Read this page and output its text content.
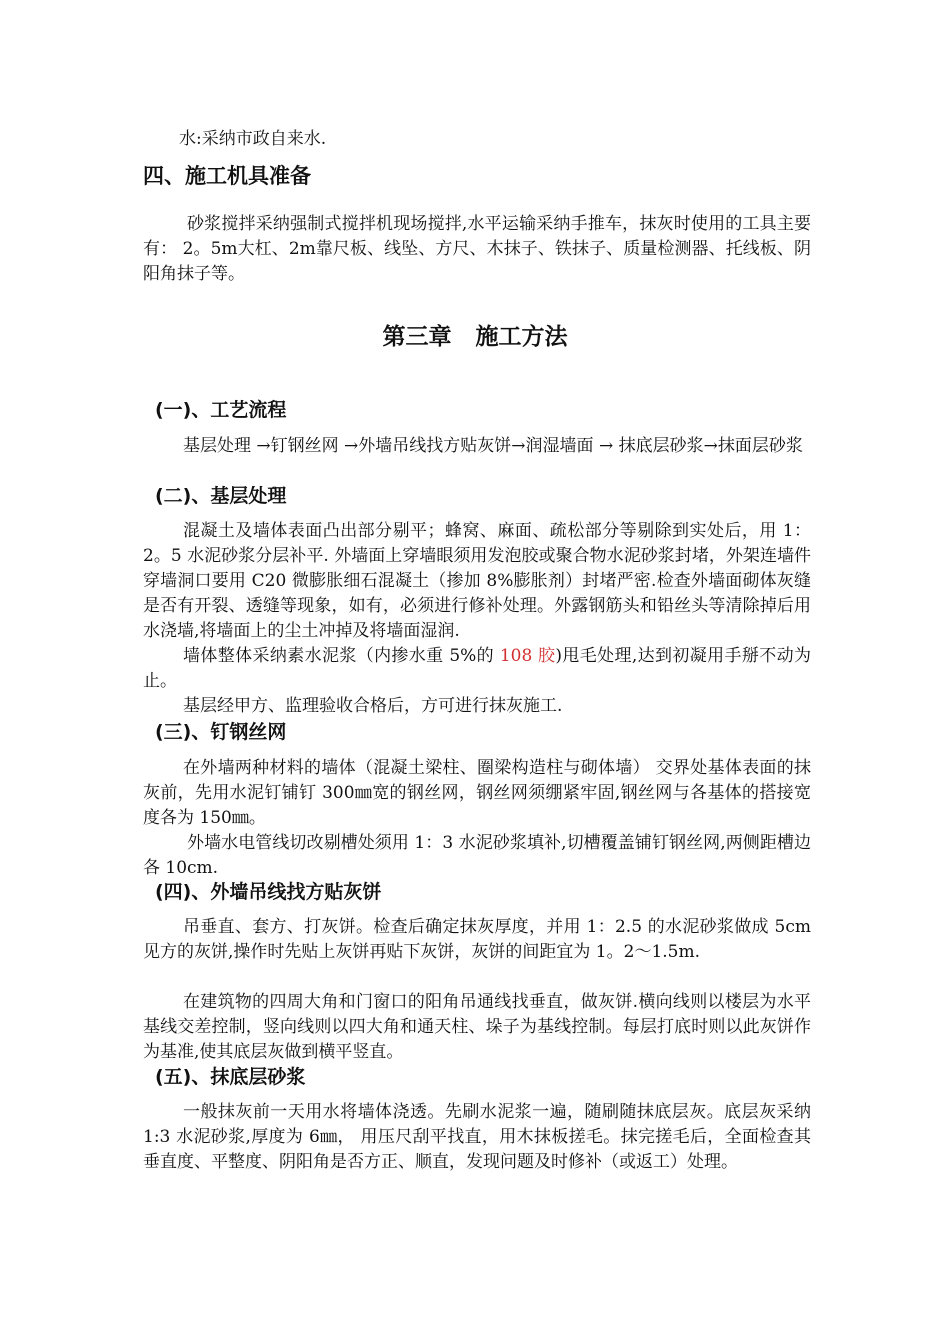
水:采纳市政自来水.

四、施工机具准备

砂浆搅拌采纳强制式搅拌机现场搅拌,水平运输采纳手推车，抹灰时使用的工具主要有： 2。5m大杠、2m靠尺板、线坠、方尺、木抹子、铁抹子、质量检测器、托线板、阴阳角抹子等。

第三章 施工方法
(一)、工艺流程

基层处理 →钉钢丝网 →外墙吊线找方贴灰饼→润湿墙面 → 抹底层砂浆→抹面层砂浆

(二)、基层处理

混凝土及墙体表面凸出部分剔平；蜂窝、麻面、疏松部分等剔除到实处后，用 1：2。5 水泥砂浆分层补平. 外墙面上穿墙眼须用发泡胶或聚合物水泥砂浆封堵，外架连墙件穿墙洞口要用 C20 微膨胀细石混凝土（掺加 8%膨胀剂）封堵严密.检查外墙面砌体灰缝是否有开裂、透缝等现象，如有，必须进行修补处理。外露钢筋头和铅丝头等清除掉后用水浇墙,将墙面上的尘土冲掉及将墙面湿润.

墙体整体采纳素水泥浆（内掺水重 5%的 108 胶)甩毛处理,达到初凝用手掰不动为止。

基层经甲方、监理验收合格后，方可进行抹灰施工.

(三)、钉钢丝网

在外墙两种材料的墙体（混凝土梁柱、圈梁构造柱与砌体墙） 交界处基体表面的抹灰前，先用水泥钉铺钉 300㎜宽的钢丝网，钢丝网须绷紧牢固,钢丝网与各基体的搭接宽度各为 150㎜。

外墙水电管线切改剔槽处须用 1：3 水泥砂浆填补,切槽覆盖铺钉钢丝网,两侧距槽边各 10cm.

(四)、外墙吊线找方贴灰饼

吊垂直、套方、打灰饼。检查后确定抹灰厚度，并用 1：2.5 的水泥砂浆做成 5cm 见方的灰饼,操作时先贴上灰饼再贴下灰饼，灰饼的间距宜为 1。2～1.5m.

在建筑物的四周大角和门窗口的阳角吊通线找垂直，做灰饼.横向线则以楼层为水平基线交差控制，竖向线则以四大角和通天柱、垛子为基线控制。每层打底时则以此灰饼作为基准,使其底层灰做到横平竖直。

(五)、抹底层砂浆

一般抹灰前一天用水将墙体浇透。先刷水泥浆一遍，随刷随抹底层灰。底层灰采纳 1:3 水泥砂浆,厚度为 6㎜， 用压尺刮平找直，用木抹板搓毛。抹完搓毛后，全面检查其垂直度、平整度、阴阳角是否方正、顺直，发现问题及时修补（或返工）处理。
